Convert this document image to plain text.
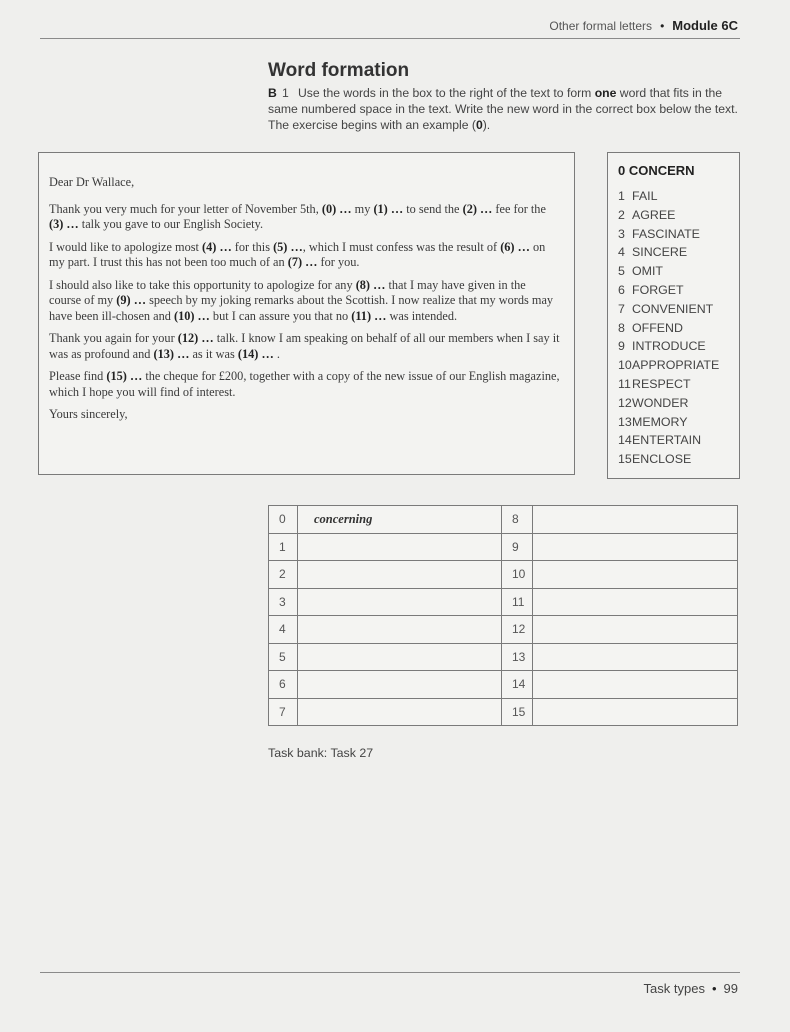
Other formal letters • Module 6C
Word formation
B 1 Use the words in the box to the right of the text to form one word that fits in the same numbered space in the text. Write the new word in the correct box below the text. The exercise begins with an example (0).

Dear Dr Wallace,

Thank you very much for your letter of November 5th, (0) … my (1) … to send the (2) … fee for the (3) … talk you gave to our English Society.

I would like to apologize most (4) … for this (5) …, which I must confess was the result of (6) … on my part. I trust this has not been too much of an (7) … for you.

I should also like to take this opportunity to apologize for any (8) … that I may have given in the course of my (9) … speech by my joking remarks about the Scottish. I now realize that my words may have been ill-chosen and (10) … but I can assure you that no (11) … was intended.

Thank you again for your (12) … talk. I know I am speaking on behalf of all our members when I say it was as profound and (13) … as it was (14) … .

Please find (15) … the cheque for £200, together with a copy of the new issue of our English magazine, which I hope you will find of interest.

Yours sincerely,

0 CONCERN
1 FAIL
2 AGREE
3 FASCINATE
4 SINCERE
5 OMIT
6 FORGET
7 CONVENIENT
8 OFFEND
9 INTRODUCE
10APPROPRIATE
11RESPECT
12WONDER
13MEMORY
14ENTERTAIN
15ENCLOSE
0	concerning	8	
1		9	
2		10	
3		11	
4		12	
5		13	
6		14	
7		15	
Task bank: Task 27
Task types • 99
